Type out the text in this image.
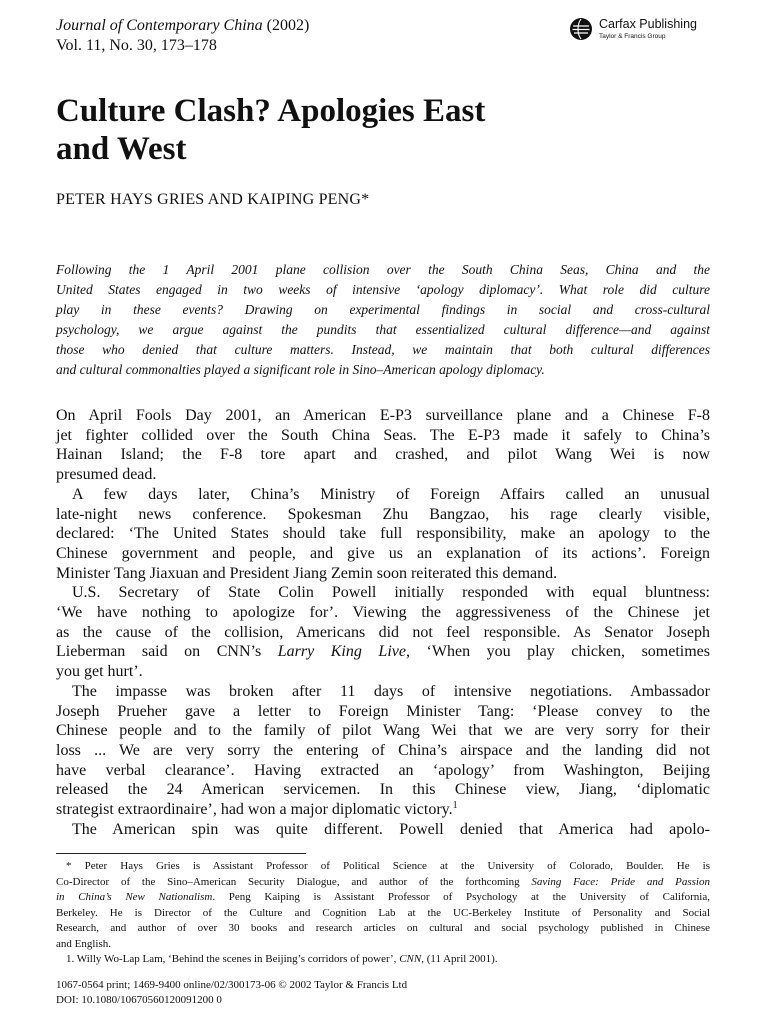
Journal of Contemporary China (2002)
Vol. 11, No. 30, 173–178
Carfax Publishing
Taylor & Francis Group
Culture Clash? Apologies East
and West
PETER HAYS GRIES AND KAIPING PENG*
Following the 1 April 2001 plane collision over the South China Seas, China and the
United States engaged in two weeks of intensive ‘apology diplomacy’. What role did culture
play in these events? Drawing on experimental findings in social and cross-cultural
psychology, we argue against the pundits that essentialized cultural difference—and against
those who denied that culture matters. Instead, we maintain that both cultural differences
and cultural commonalties played a significant role in Sino–American apology diplomacy.
On April Fools Day 2001, an American E-P3 surveillance plane and a Chinese F-8
jet fighter collided over the South China Seas. The E-P3 made it safely to China’s
Hainan Island; the F-8 tore apart and crashed, and pilot Wang Wei is now
presumed dead.
A few days later, China’s Ministry of Foreign Affairs called an unusual
late-night news conference. Spokesman Zhu Bangzao, his rage clearly visible,
declared: ‘The United States should take full responsibility, make an apology to the
Chinese government and people, and give us an explanation of its actions’. Foreign
Minister Tang Jiaxuan and President Jiang Zemin soon reiterated this demand.
U.S. Secretary of State Colin Powell initially responded with equal bluntness:
‘We have nothing to apologize for’. Viewing the aggressiveness of the Chinese jet
as the cause of the collision, Americans did not feel responsible. As Senator Joseph
Lieberman said on CNN’s Larry King Live, ‘When you play chicken, sometimes
you get hurt’.
The impasse was broken after 11 days of intensive negotiations. Ambassador
Joseph Prueher gave a letter to Foreign Minister Tang: ‘Please convey to the
Chinese people and to the family of pilot Wang Wei that we are very sorry for their
loss ... We are very sorry the entering of China’s airspace and the landing did not
have verbal clearance’. Having extracted an ‘apology’ from Washington, Beijing
released the 24 American servicemen. In this Chinese view, Jiang, ‘diplomatic
strategist extraordinaire’, had won a major diplomatic victory.$^1$
The American spin was quite different. Powell denied that America had apolo-
* Peter Hays Gries is Assistant Professor of Political Science at the University of Colorado, Boulder. He is
Co-Director of the Sino–American Security Dialogue, and author of the forthcoming Saving Face: Pride and Passion
in China’s New Nationalism. Peng Kaiping is Assistant Professor of Psychology at the University of California,
Berkeley. He is Director of the Culture and Cognition Lab at the UC-Berkeley Institute of Personality and Social
Research, and author of over 30 books and research articles on cultural and social psychology published in Chinese
and English.
1. Willy Wo-Lap Lam, ‘Behind the scenes in Beijing’s corridors of power’, CNN, (11 April 2001).
1067-0564 print; 1469-9400 online/02/300173-06 © 2002 Taylor & Francis Ltd
DOI: 10.1080/10670560120091200 0
